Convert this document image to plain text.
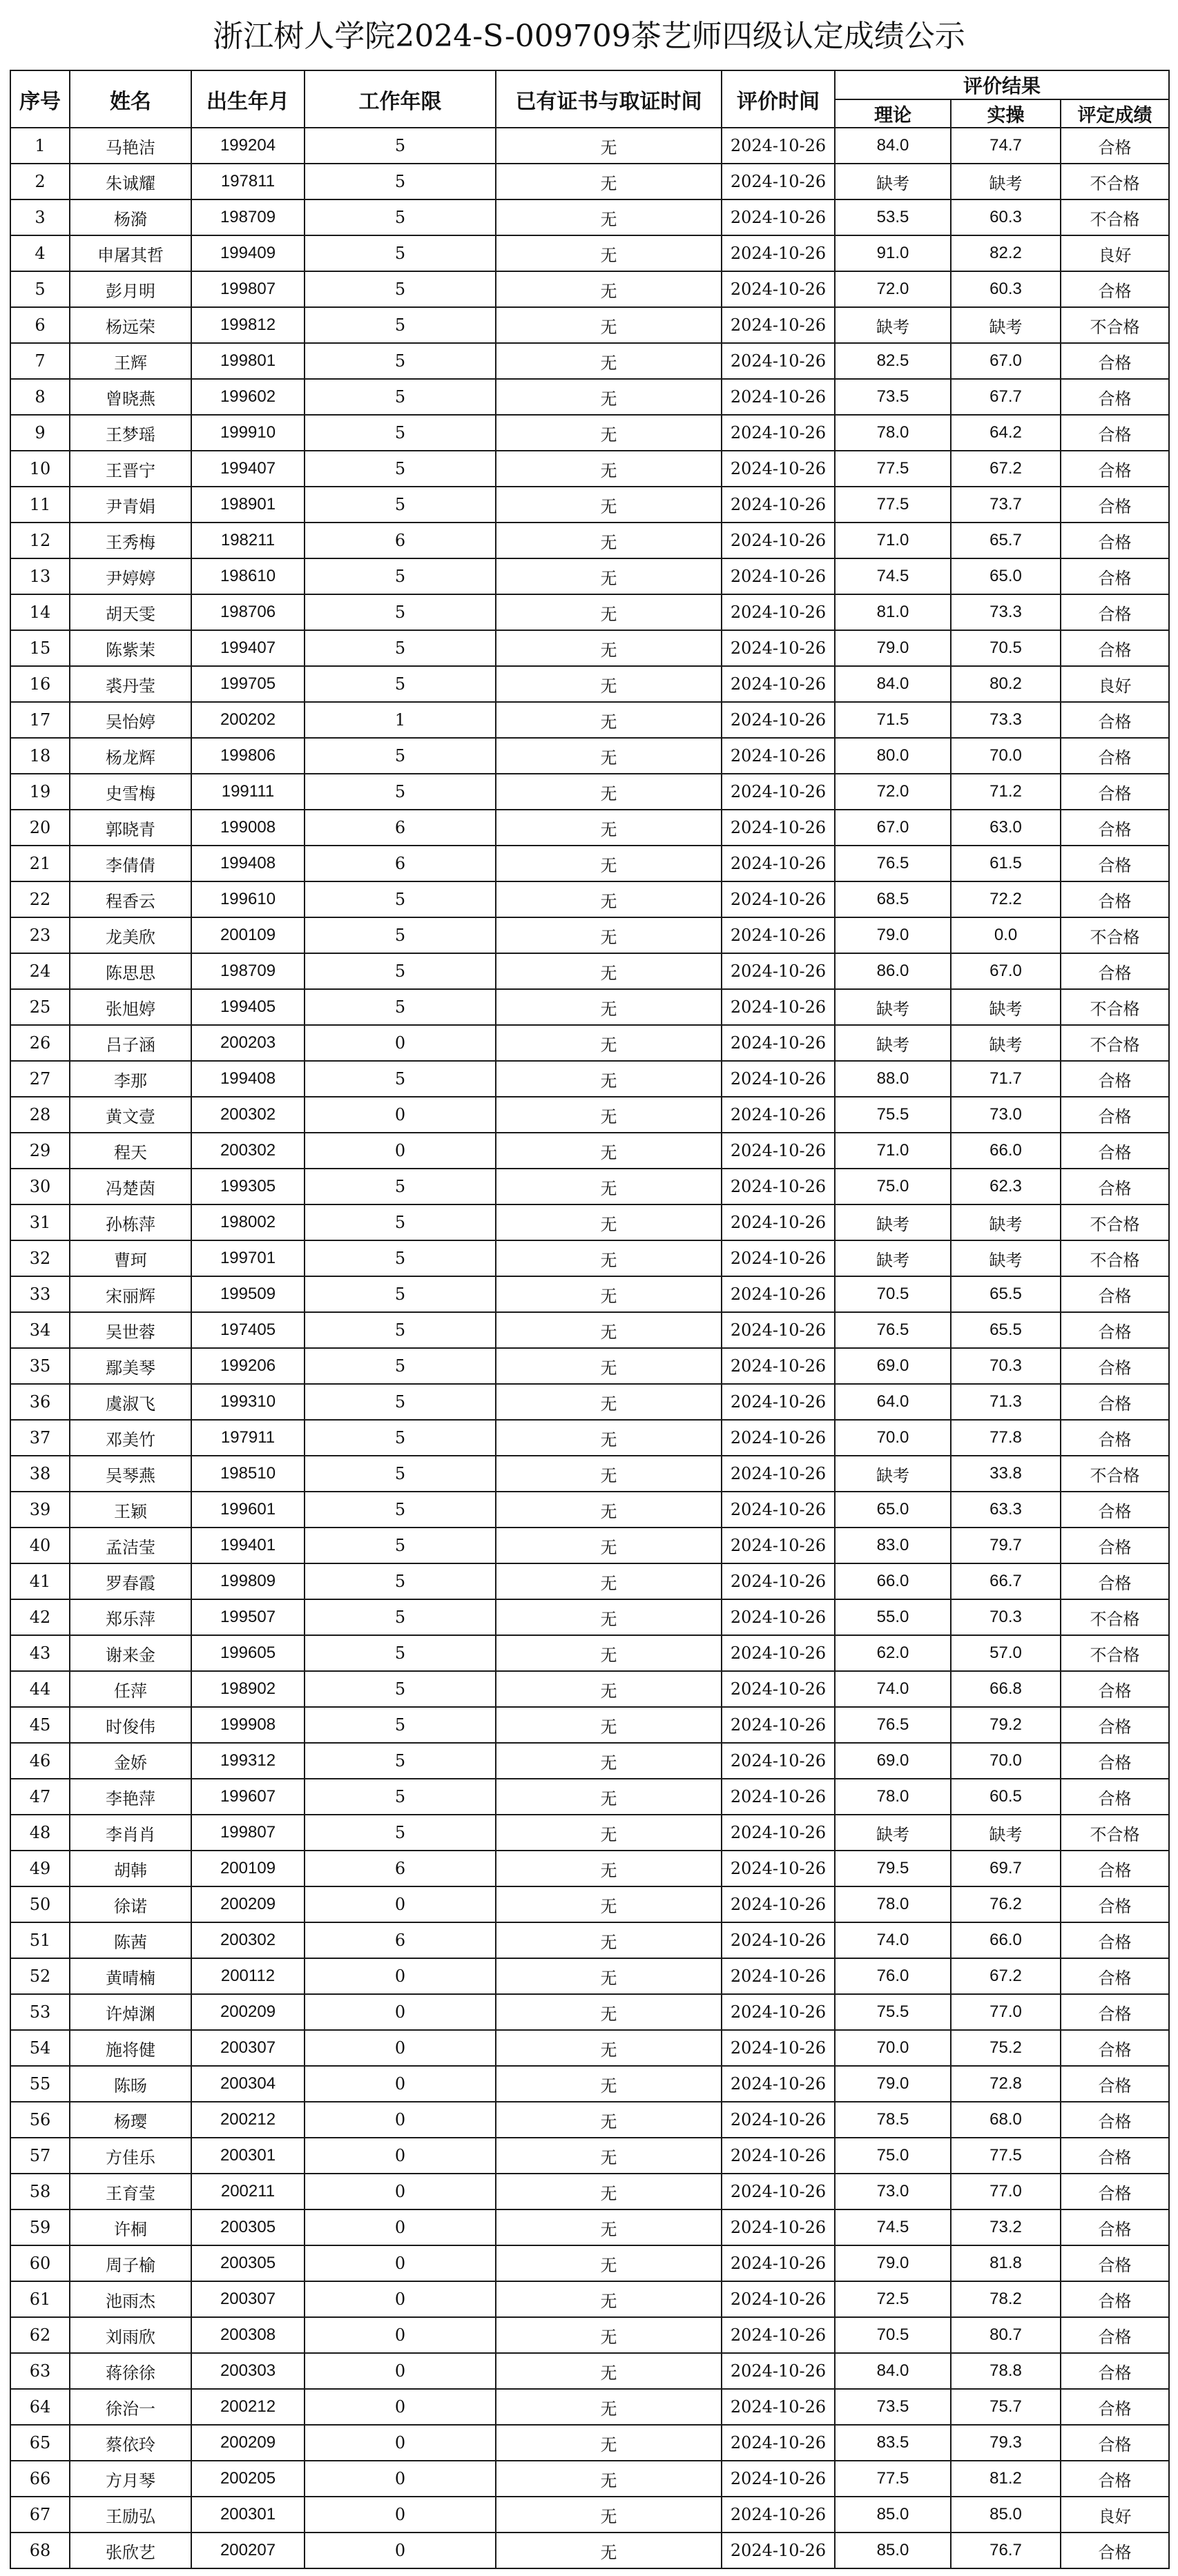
浙江树人学院2024-S-009709茶艺师四级认定成绩公示
序号	姓名	出生年月	工作年限	已有证书与取证时间	评价时间	评价结果		
						理论	实操	评定成绩
1	马艳洁	199204	5	无	2024-10-26	84.0	74.7	合格
2	朱诚耀	197811	5	无	2024-10-26	缺考	缺考	不合格
3	杨漪	198709	5	无	2024-10-26	53.5	60.3	不合格
4	申屠其哲	199409	5	无	2024-10-26	91.0	82.2	良好
5	彭月明	199807	5	无	2024-10-26	72.0	60.3	合格
6	杨远荣	199812	5	无	2024-10-26	缺考	缺考	不合格
7	王辉	199801	5	无	2024-10-26	82.5	67.0	合格
8	曾晓燕	199602	5	无	2024-10-26	73.5	67.7	合格
9	王梦瑶	199910	5	无	2024-10-26	78.0	64.2	合格
10	王晋宁	199407	5	无	2024-10-26	77.5	67.2	合格
11	尹青娟	198901	5	无	2024-10-26	77.5	73.7	合格
12	王秀梅	198211	6	无	2024-10-26	71.0	65.7	合格
13	尹婷婷	198610	5	无	2024-10-26	74.5	65.0	合格
14	胡天雯	198706	5	无	2024-10-26	81.0	73.3	合格
15	陈紫茉	199407	5	无	2024-10-26	79.0	70.5	合格
16	裘丹莹	199705	5	无	2024-10-26	84.0	80.2	良好
17	吴怡婷	200202	1	无	2024-10-26	71.5	73.3	合格
18	杨龙辉	199806	5	无	2024-10-26	80.0	70.0	合格
19	史雪梅	199111	5	无	2024-10-26	72.0	71.2	合格
20	郭晓青	199008	6	无	2024-10-26	67.0	63.0	合格
21	李倩倩	199408	6	无	2024-10-26	76.5	61.5	合格
22	程香云	199610	5	无	2024-10-26	68.5	72.2	合格
23	龙美欣	200109	5	无	2024-10-26	79.0	0.0	不合格
24	陈思思	198709	5	无	2024-10-26	86.0	67.0	合格
25	张旭婷	199405	5	无	2024-10-26	缺考	缺考	不合格
26	吕子涵	200203	0	无	2024-10-26	缺考	缺考	不合格
27	李那	199408	5	无	2024-10-26	88.0	71.7	合格
28	黄文壹	200302	0	无	2024-10-26	75.5	73.0	合格
29	程天	200302	0	无	2024-10-26	71.0	66.0	合格
30	冯楚茵	199305	5	无	2024-10-26	75.0	62.3	合格
31	孙栋萍	198002	5	无	2024-10-26	缺考	缺考	不合格
32	曹珂	199701	5	无	2024-10-26	缺考	缺考	不合格
33	宋丽辉	199509	5	无	2024-10-26	70.5	65.5	合格
34	吴世蓉	197405	5	无	2024-10-26	76.5	65.5	合格
35	鄢美琴	199206	5	无	2024-10-26	69.0	70.3	合格
36	虞淑飞	199310	5	无	2024-10-26	64.0	71.3	合格
37	邓美竹	197911	5	无	2024-10-26	70.0	77.8	合格
38	吴琴燕	198510	5	无	2024-10-26	缺考	33.8	不合格
39	王颖	199601	5	无	2024-10-26	65.0	63.3	合格
40	孟洁莹	199401	5	无	2024-10-26	83.0	79.7	合格
41	罗春霞	199809	5	无	2024-10-26	66.0	66.7	合格
42	郑乐萍	199507	5	无	2024-10-26	55.0	70.3	不合格
43	谢来金	199605	5	无	2024-10-26	62.0	57.0	不合格
44	任萍	198902	5	无	2024-10-26	74.0	66.8	合格
45	时俊伟	199908	5	无	2024-10-26	76.5	79.2	合格
46	金娇	199312	5	无	2024-10-26	69.0	70.0	合格
47	李艳萍	199607	5	无	2024-10-26	78.0	60.5	合格
48	李肖肖	199807	5	无	2024-10-26	缺考	缺考	不合格
49	胡韩	200109	6	无	2024-10-26	79.5	69.7	合格
50	徐诺	200209	0	无	2024-10-26	78.0	76.2	合格
51	陈茜	200302	6	无	2024-10-26	74.0	66.0	合格
52	黄晴楠	200112	0	无	2024-10-26	76.0	67.2	合格
53	许焯渊	200209	0	无	2024-10-26	75.5	77.0	合格
54	施将健	200307	0	无	2024-10-26	70.0	75.2	合格
55	陈旸	200304	0	无	2024-10-26	79.0	72.8	合格
56	杨璎	200212	0	无	2024-10-26	78.5	68.0	合格
57	方佳乐	200301	0	无	2024-10-26	75.0	77.5	合格
58	王育莹	200211	0	无	2024-10-26	73.0	77.0	合格
59	许桐	200305	0	无	2024-10-26	74.5	73.2	合格
60	周子榆	200305	0	无	2024-10-26	79.0	81.8	合格
61	池雨杰	200307	0	无	2024-10-26	72.5	78.2	合格
62	刘雨欣	200308	0	无	2024-10-26	70.5	80.7	合格
63	蒋徐徐	200303	0	无	2024-10-26	84.0	78.8	合格
64	徐治一	200212	0	无	2024-10-26	73.5	75.7	合格
65	蔡依玲	200209	0	无	2024-10-26	83.5	79.3	合格
66	方月琴	200205	0	无	2024-10-26	77.5	81.2	合格
67	王励弘	200301	0	无	2024-10-26	85.0	85.0	良好
68	张欣艺	200207	0	无	2024-10-26	85.0	76.7	合格
